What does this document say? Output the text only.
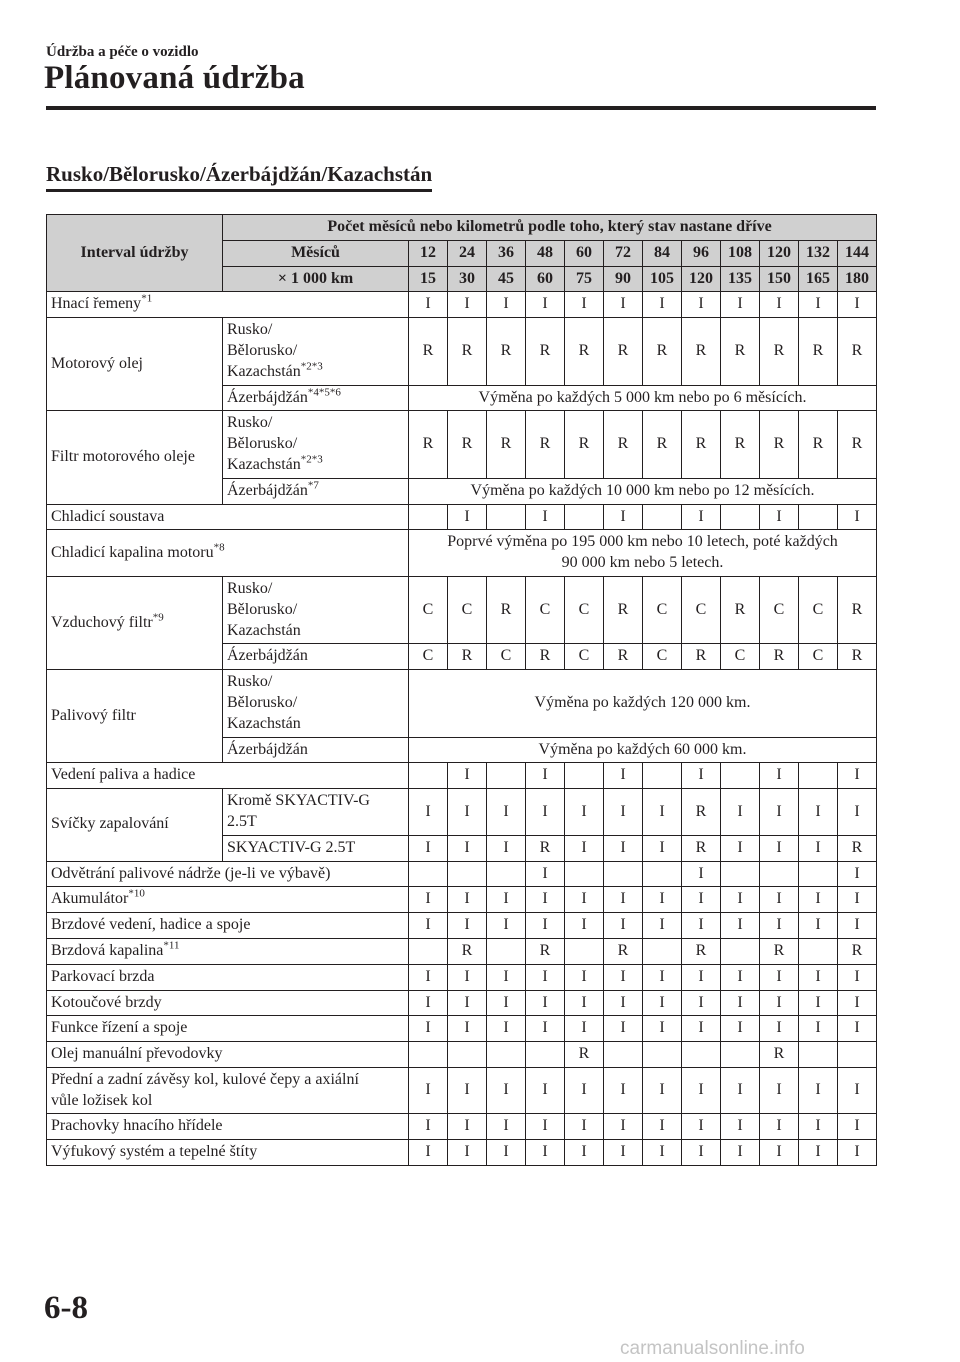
Údržba a péče o vozidlo
Plánovaná údržba
Rusko/Bělorusko/Ázerbájdžán/Kazachstán
Interval údržby	Počet měsíců nebo kilometrů podle toho, který stav nastane dříve												
	Měsíců	12	24	36	48	60	72	84	96	108	120	132	144
	× 1 000 km	15	30	45	60	75	90	105	120	135	150	165	180
Hnací řemeny$^{*1}$		I	I	I	I	I	I	I	I	I	I	I	I
Motorový olej	Rusko/
Bělorusko/
Kazachstán$^{*2*3}$	R	R	R	R	R	R	R	R	R	R	R	R
	Ázerbájdžán$^{*4*5*6}$	Výměna po každých 5 000 km nebo po 6 měsících.											
Filtr motorového oleje	Rusko/
Bělorusko/
Kazachstán$^{*2*3}$	R	R	R	R	R	R	R	R	R	R	R	R
	Ázerbájdžán$^{*7}$	Výměna po každých 10 000 km nebo po 12 měsících.											
Chladicí soustava			I		I		I		I		I		I
Chladicí kapalina motoru$^{*8}$		Poprvé výměna po 195 000 km nebo 10 letech, poté každých
90 000 km nebo 5 letech.											
Vzduchový filtr$^{*9}$	Rusko/
Bělorusko/
Kazachstán	C	C	R	C	C	R	C	C	R	C	C	R
	Ázerbájdžán	C	R	C	R	C	R	C	R	C	R	C	R
Palivový filtr	Rusko/
Bělorusko/
Kazachstán	Výměna po každých 120 000 km.											
	Ázerbájdžán	Výměna po každých 60 000 km.											
Vedení paliva a hadice			I		I		I		I		I		I
Svíčky zapalování	Kromě SKYACTIV-G
2.5T	I	I	I	I	I	I	I	R	I	I	I	I
	SKYACTIV-G 2.5T	I	I	I	R	I	I	I	R	I	I	I	R
Odvětrání palivové nádrže (je-li ve výbavě)					I				I				I
Akumulátor$^{*10}$		I	I	I	I	I	I	I	I	I	I	I	I
Brzdové vedení, hadice a spoje		I	I	I	I	I	I	I	I	I	I	I	I
Brzdová kapalina$^{*11}$			R		R		R		R		R		R
Parkovací brzda		I	I	I	I	I	I	I	I	I	I	I	I
Kotoučové brzdy		I	I	I	I	I	I	I	I	I	I	I	I
Funkce řízení a spoje		I	I	I	I	I	I	I	I	I	I	I	I
Olej manuální převodovky						R					R		
Přední a zadní závěsy kol, kulové čepy a axiální
vůle ložisek kol		I	I	I	I	I	I	I	I	I	I	I	I
Prachovky hnacího hřídele		I	I	I	I	I	I	I	I	I	I	I	I
Výfukový systém a tepelné štíty		I	I	I	I	I	I	I	I	I	I	I	I
6-8
carmanualsonline.info
